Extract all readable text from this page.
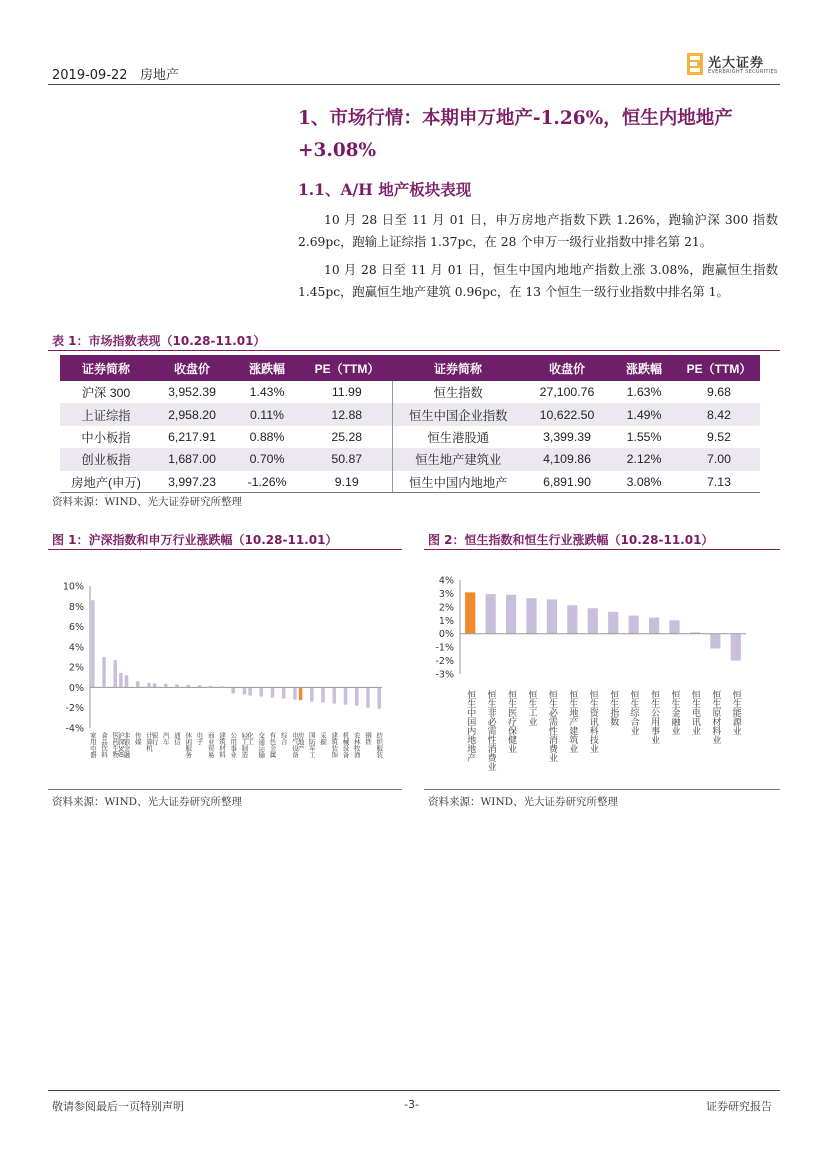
2019-09-22 房地产
光大证券
EVERBRIGHT SECURITIES
1、市场行情：本期申万地产-1.26%，恒生内地地产+3.08%
1.1、A/H 地产板块表现
10 月 28 日至 11 月 01 日，申万房地产指数下跌 1.26%，跑输沪深 300 指数 2.69pc，跑输上证综指 1.37pc，在 28 个申万一级行业指数中排名第 21。
10 月 28 日至 11 月 01 日，恒生中国内地地产指数上涨 3.08%，跑赢恒生指数 1.45pc，跑赢恒生地产建筑 0.96pc，在 13 个恒生一级行业指数中排名第 1。
表 1：市场指数表现（10.28-11.01）
证券简称	收盘价	涨跌幅	PE（TTM）	证券简称	收盘价	涨跌幅	PE（TTM）
沪深 300	3,952.39	1.43%	11.99	恒生指数	27,100.76	1.63%	9.68
上证综指	2,958.20	0.11%	12.88	恒生中国企业指数	10,622.50	1.49%	8.42
中小板指	6,217.91	0.88%	25.28	恒生港股通	3,399.39	1.55%	9.52
创业板指	1,687.00	0.70%	50.87	恒生地产建筑业	4,109.86	2.12%	7.00
房地产(申万)	3,997.23	-1.26%	9.19	恒生中国内地地产	6,891.90	3.08%	7.13
资料来源：WIND、光大证券研究所整理
图 1：沪深指数和申万行业涨跌幅（10.28-11.01）
10%
8%
6%
4%
2%
0%
-2%
-4%
家用电器 食品饮料 医药生物
沪深300
非银金融 传媒 计算机
银行 汽车 通信 休闲服务 电子 商业贸易 建筑材料 公用事业 轻工制造
化工 交通运输 有色金属 综合 电气设备
房地产 国防军工 采掘 建筑装饰 机械设备 农林牧渔 钢铁 纺织服装
资料来源：WIND、光大证券研究所整理
图 2：恒生指数和恒生行业涨跌幅（10.28-11.01）
4%
3%
2%
1%
0%
-1%
-2%
-3%
恒生中国内地地产 恒生非必需性消费业 恒生医疗保健业 恒生工业 恒生必需性消费业 恒生地产建筑业 恒生资讯科技业 恒生指数 恒生综合业 恒生公用事业 恒生金融业 恒生电讯业 恒生原材料业 恒生能源业
资料来源：WIND、光大证券研究所整理
敬请参阅最后一页特别声明	-3-	证券研究报告
